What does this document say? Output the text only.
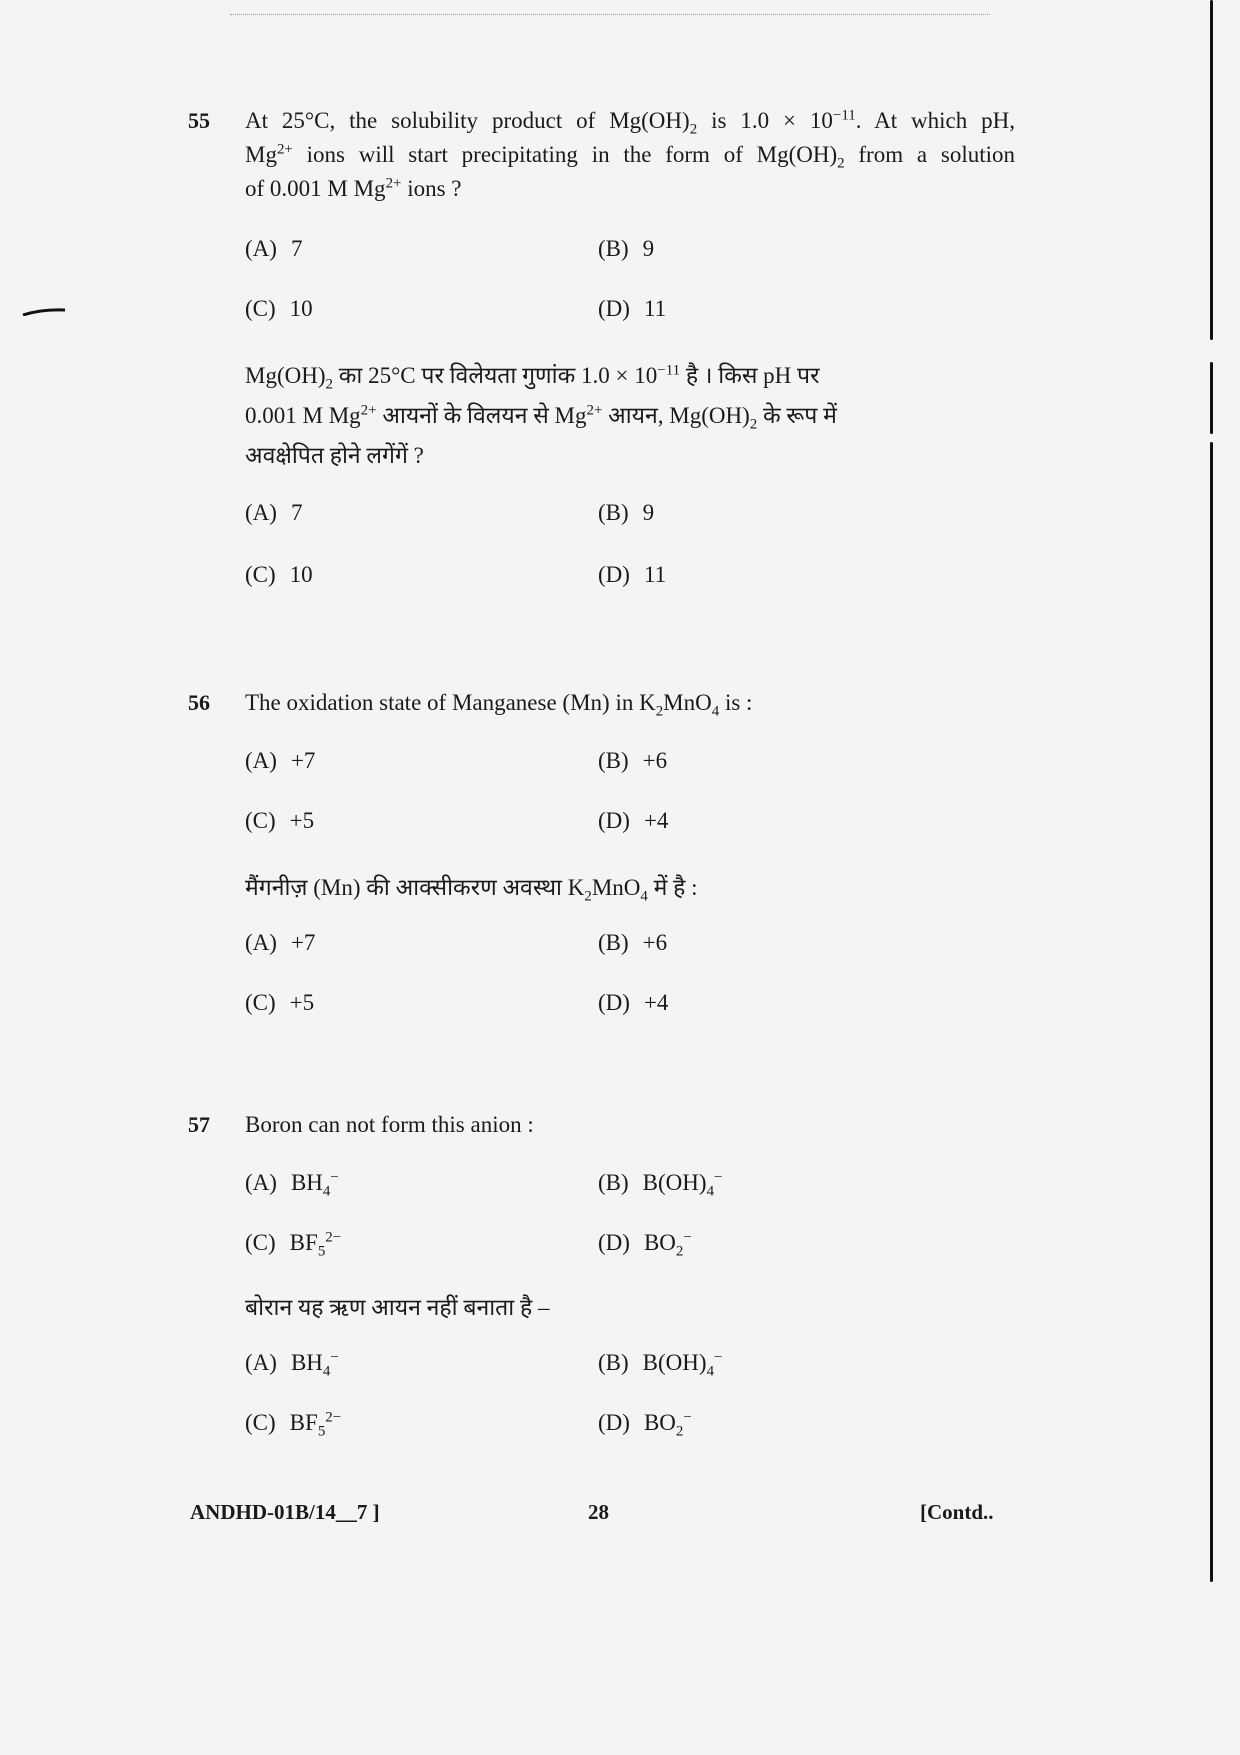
55 At 25°C, the solubility product of $Mg(OH)_2$ is $1.0 \times 10^{-11}$. At which pH,
$Mg^{2+}$ ions will start precipitating in the form of $Mg(OH)_2$ from a solution
of 0.001 M $Mg^{2+}$ ions ?
(A) 7	(B) 9
(C) 10	(D) 11
$Mg(OH)_2$ का 25°C पर विलेयता गुणांक $1.0 \times 10^{-11}$ है । किस pH पर
0.001 M $Mg^{2+}$ आयनों के विलयन से $Mg^{2+}$ आयन, $Mg(OH)_2$ के रूप में
अवक्षेपित होने लगेंगें ?
(A) 7	(B) 9
(C) 10	(D) 11
56 The oxidation state of Manganese (Mn) in $K_2MnO_4$ is :
(A) +7	(B) +6
(C) +5	(D) +4
मैंगनीज़ (Mn) की आक्सीकरण अवस्था $K_2MnO_4$ में है :
(A) +7	(B) +6
(C) +5	(D) +4
57 Boron can not form this anion :
(A) $BH_4^-$	(B) $B(OH)_4^-$
(C) $BF_5^{2-}$	(D) $BO_2^-$
बोरान यह ऋण आयन नहीं बनाता है –
(A) $BH_4^-$	(B) $B(OH)_4^-$
(C) $BF_5^{2-}$	(D) $BO_2^-$
ANDHD-01B/14__7 ]	28	[Contd..
